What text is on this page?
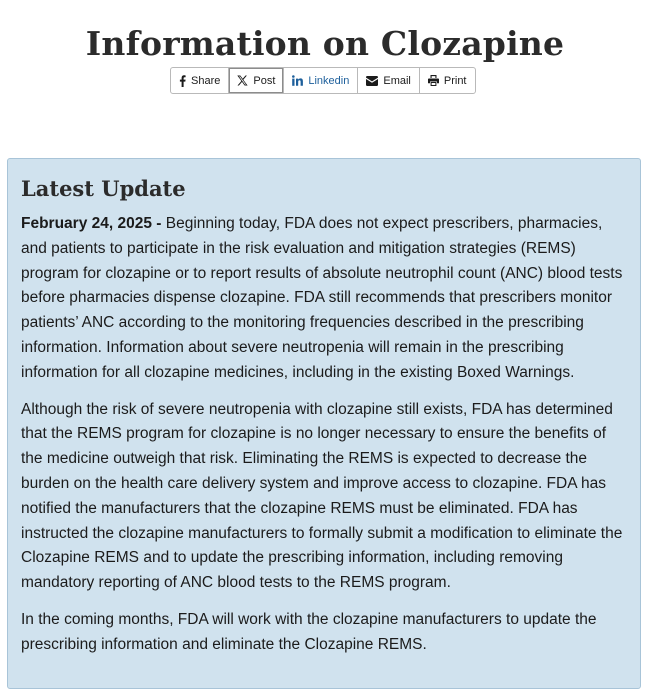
Information on Clozapine
Share	Post	Linkedin	Email	Print
Latest Update

February 24, 2025 - Beginning today, FDA does not expect prescribers, pharmacies, and patients to participate in the risk evaluation and mitigation strategies (REMS) program for clozapine or to report results of absolute neutrophil count (ANC) blood tests before pharmacies dispense clozapine. FDA still recommends that prescribers monitor patients’ ANC according to the monitoring frequencies described in the prescribing information. Information about severe neutropenia will remain in the prescribing information for all clozapine medicines, including in the existing Boxed Warnings.

Although the risk of severe neutropenia with clozapine still exists, FDA has determined that the REMS program for clozapine is no longer necessary to ensure the benefits of the medicine outweigh that risk. Eliminating the REMS is expected to decrease the burden on the health care delivery system and improve access to clozapine. FDA has notified the manufacturers that the clozapine REMS must be eliminated. FDA has instructed the clozapine manufacturers to formally submit a modification to eliminate the Clozapine REMS and to update the prescribing information, including removing mandatory reporting of ANC blood tests to the REMS program.

In the coming months, FDA will work with the clozapine manufacturers to update the prescribing information and eliminate the Clozapine REMS.
